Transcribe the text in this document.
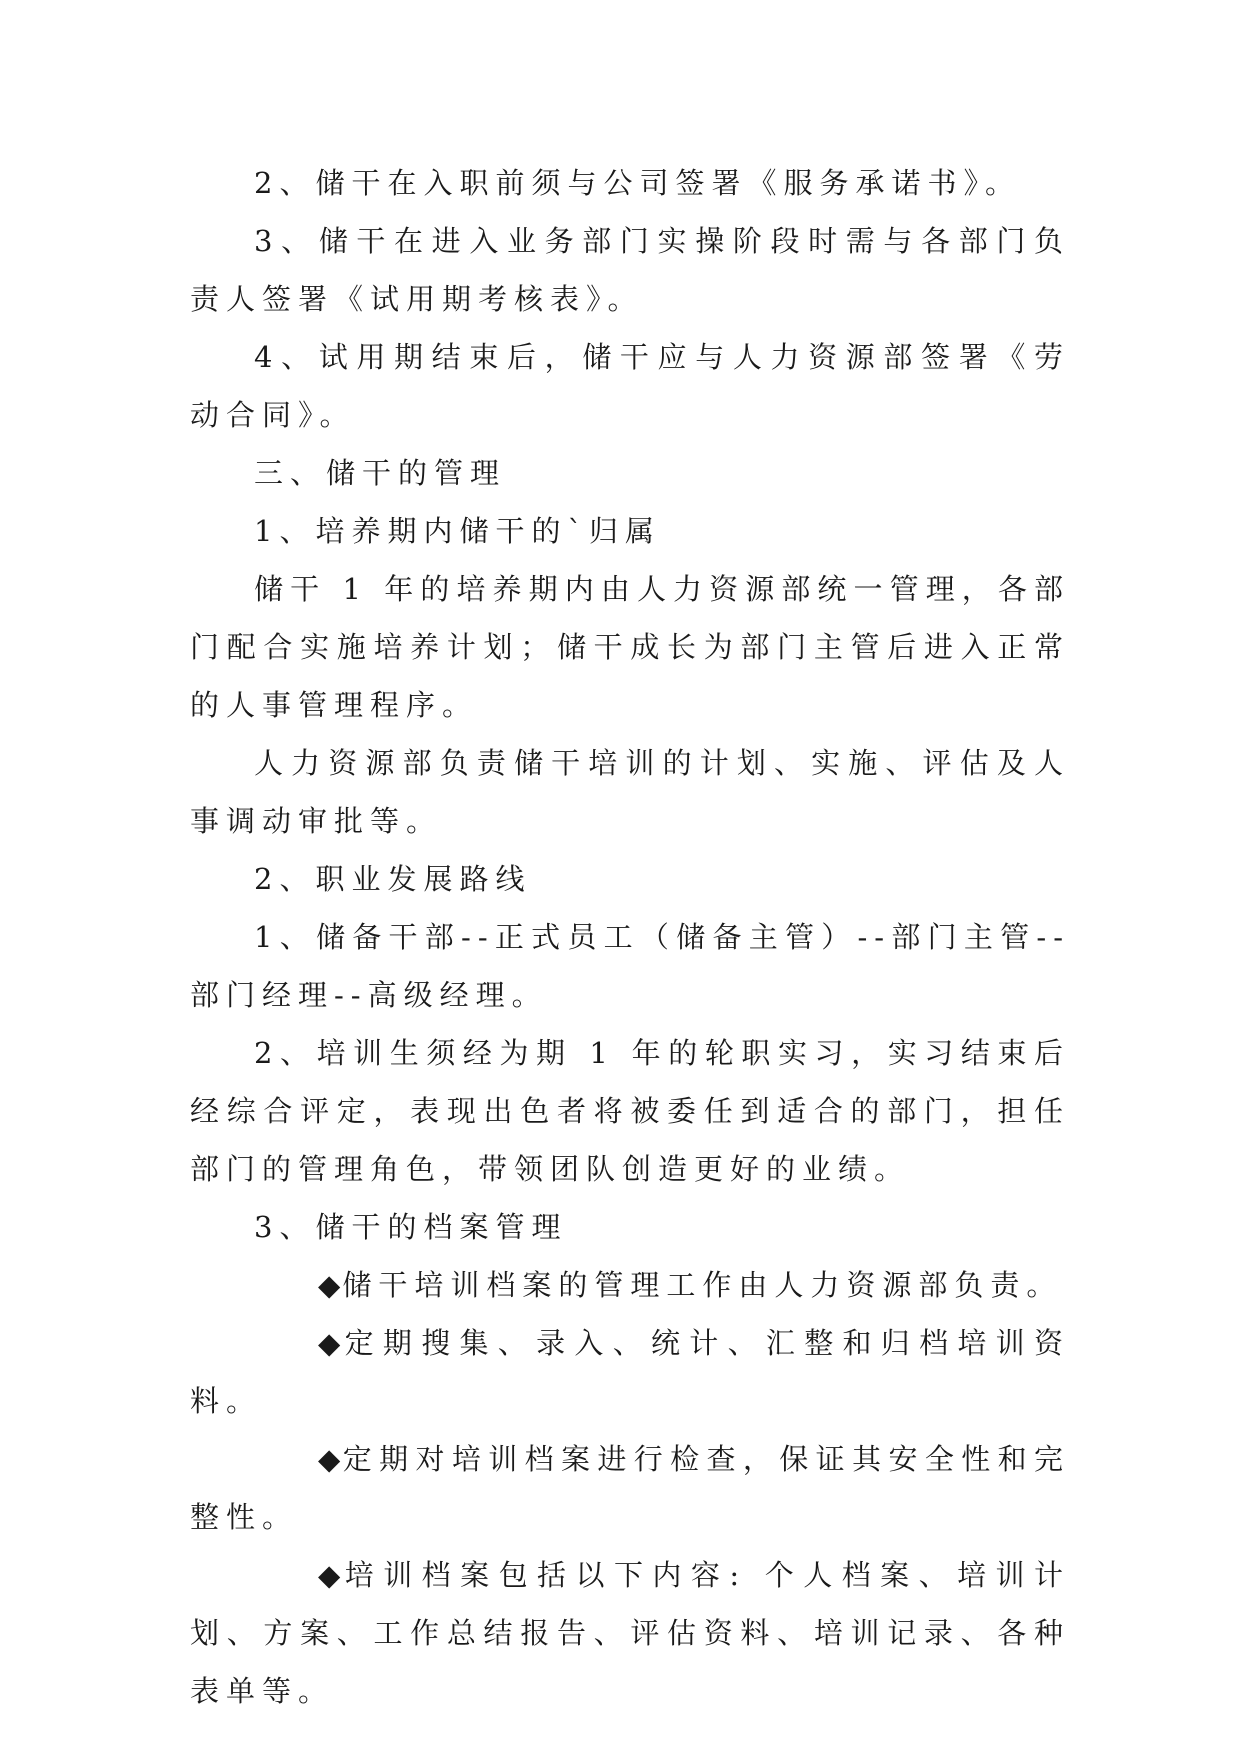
2、储干在入职前须与公司签署《服务承诺书》。

3、储干在进入业务部门实操阶段时需与各部门负责人签署《试用期考核表》。

4、试用期结束后，储干应与人力资源部签署《劳动合同》。

三、储干的管理

1、培养期内储干的`归属

储干 1 年的培养期内由人力资源部统一管理，各部门配合实施培养计划；储干成长为部门主管后进入正常的人事管理程序。

人力资源部负责储干培训的计划、实施、评估及人事调动审批等。

2、职业发展路线

1、储备干部--正式员工（储备主管）--部门主管--部门经理--高级经理。

2、培训生须经为期 1 年的轮职实习，实习结束后经综合评定，表现出色者将被委任到适合的部门，担任部门的管理角色，带领团队创造更好的业绩。

3、储干的档案管理

◆储干培训档案的管理工作由人力资源部负责。

◆定期搜集、录入、统计、汇整和归档培训资料。

◆定期对培训档案进行检查，保证其安全性和完整性。

◆培训档案包括以下内容: 个人档案、培训计划、方案、工作总结报告、评估资料、培训记录、各种表单等。
